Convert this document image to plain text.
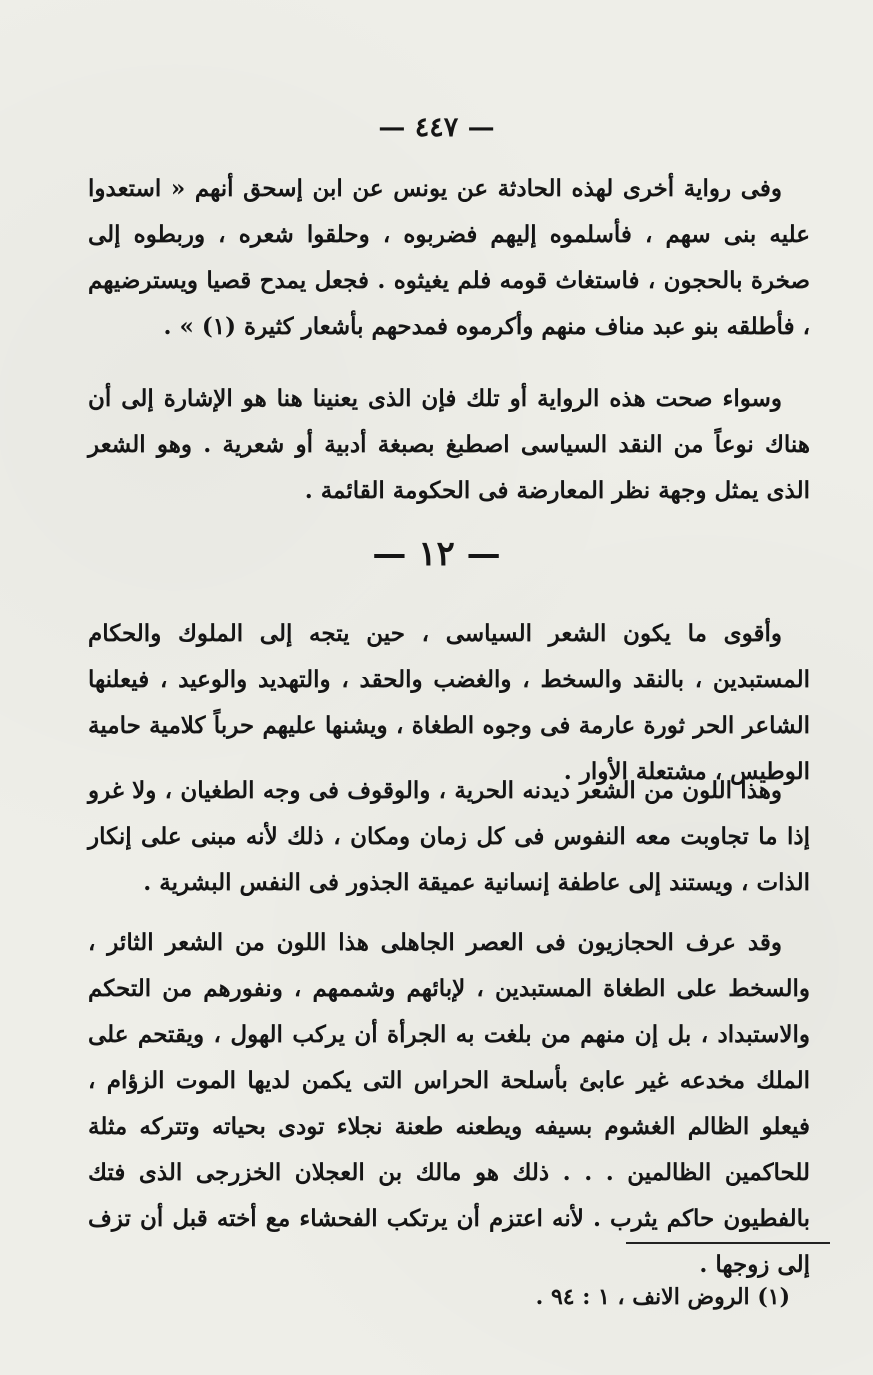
— ٤٤٧ —

وفى رواية أخرى لهذه الحادثة عن يونس عن ابن إسحق أنهم « استعدوا عليه بنى سهم ، فأسلموه إليهم فضربوه ، وحلقوا شعره ، وربطوه إلى صخرة بالحجون ، فاستغاث قومه فلم يغيثوه . فجعل يمدح قصيا ويسترضيهم ، فأطلقه بنو عبد مناف منهم وأكرموه فمدحهم بأشعار كثيرة (١) » .

وسواء صحت هذه الرواية أو تلك فإن الذى يعنينا هنا هو الإشارة إلى أن هناك نوعاً من النقد السياسى اصطبغ بصبغة أدبية أو شعرية . وهو الشعر الذى يمثل وجهة نظر المعارضة فى الحكومة القائمة .

— ١٢ —

وأقوى ما يكون الشعر السياسى ، حين يتجه إلى الملوك والحكام المستبدين ، بالنقد والسخط ، والغضب والحقد ، والتهديد والوعيد ، فيعلنها الشاعر الحر ثورة عارمة فى وجوه الطغاة ، ويشنها عليهم حرباً كلامية حامية الوطيس ، مشتعلة الأوار .

وهذا اللون من الشعر ديدنه الحرية ، والوقوف فى وجه الطغيان ، ولا غرو إذا ما تجاوبت معه النفوس فى كل زمان ومكان ، ذلك لأنه مبنى على إنكار الذات ، ويستند إلى عاطفة إنسانية عميقة الجذور فى النفس البشرية .

وقد عرف الحجازيون فى العصر الجاهلى هذا اللون من الشعر الثائر ، والسخط على الطغاة المستبدين ، لإبائهم وشممهم ، ونفورهم من التحكم والاستبداد ، بل إن منهم من بلغت به الجرأة أن يركب الهول ، ويقتحم على الملك مخدعه غير عابئ بأسلحة الحراس التى يكمن لديها الموت الزؤام ، فيعلو الظالم الغشوم بسيفه ويطعنه طعنة نجلاء تودى بحياته وتتركه مثلة للحاكمين الظالمين . . . ذلك هو مالك بن العجلان الخزرجى الذى فتك بالفطيون حاكم يثرب . لأنه اعتزم أن يرتكب الفحشاء مع أخته قبل أن تزف إلى زوجها .

(١) الروض الانف ، ١ : ٩٤ .
